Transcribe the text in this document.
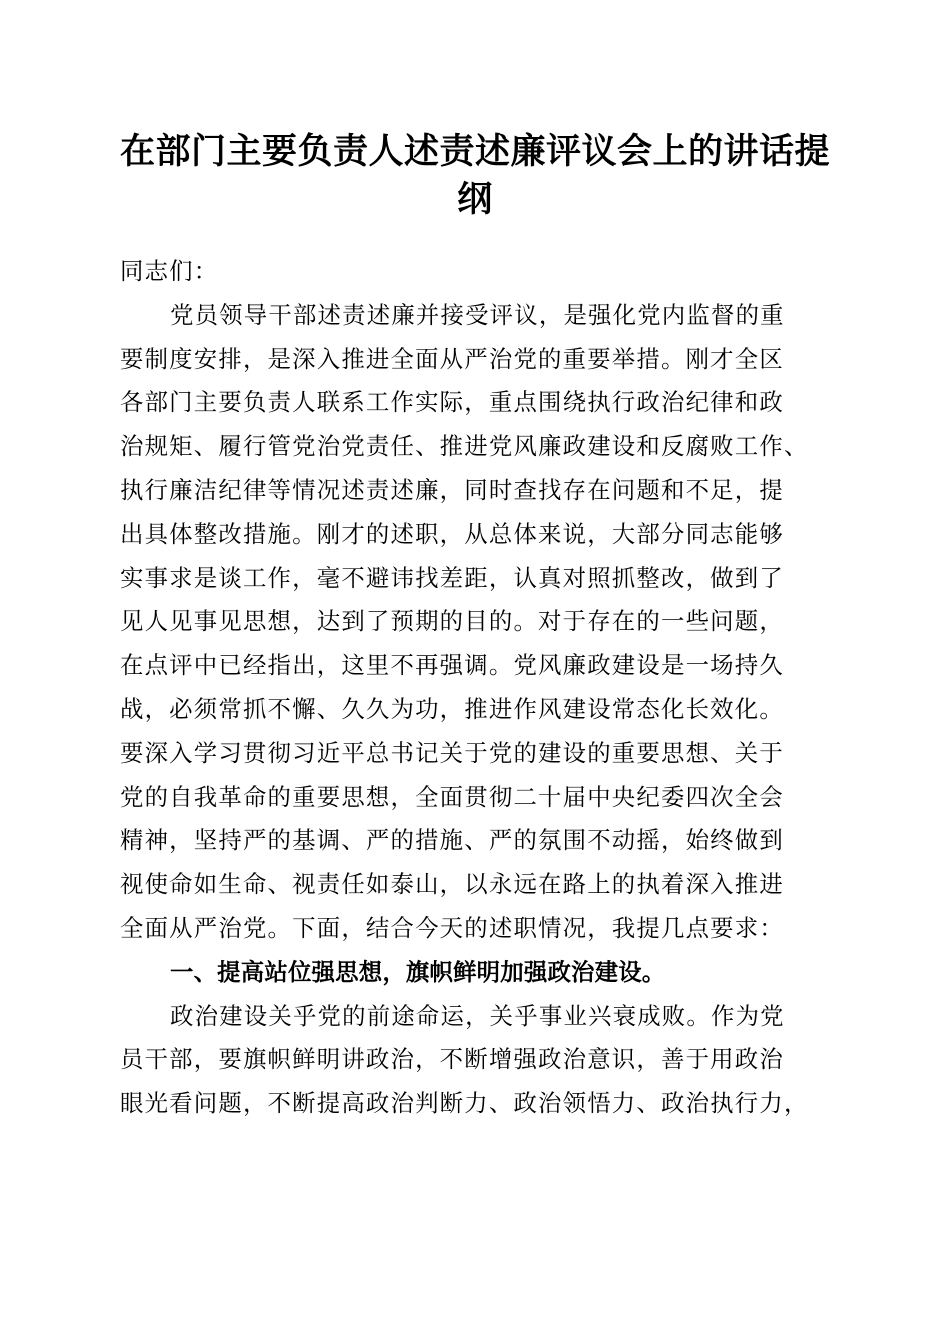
在部门主要负责人述责述廉评议会上的讲话提纲
同志们：
党员领导干部述责述廉并接受评议，是强化党内监督的重
要制度安排，是深入推进全面从严治党的重要举措。刚才全区
各部门主要负责人联系工作实际，重点围绕执行政治纪律和政
治规矩、履行管党治党责任、推进党风廉政建设和反腐败工作、
执行廉洁纪律等情况述责述廉，同时查找存在问题和不足，提
出具体整改措施。刚才的述职，从总体来说，大部分同志能够
实事求是谈工作，毫不避讳找差距，认真对照抓整改，做到了
见人见事见思想，达到了预期的目的。对于存在的一些问题，
在点评中已经指出，这里不再强调。党风廉政建设是一场持久
战，必须常抓不懈、久久为功，推进作风建设常态化长效化。
要深入学习贯彻习近平总书记关于党的建设的重要思想、关于
党的自我革命的重要思想，全面贯彻二十届中央纪委四次全会
精神，坚持严的基调、严的措施、严的氛围不动摇，始终做到
视使命如生命、视责任如泰山，以永远在路上的执着深入推进
全面从严治党。下面，结合今天的述职情况，我提几点要求：
一、提高站位强思想，旗帜鲜明加强政治建设。
政治建设关乎党的前途命运，关乎事业兴衰成败。作为党
员干部，要旗帜鲜明讲政治，不断增强政治意识，善于用政治
眼光看问题，不断提高政治判断力、政治领悟力、政治执行力，
